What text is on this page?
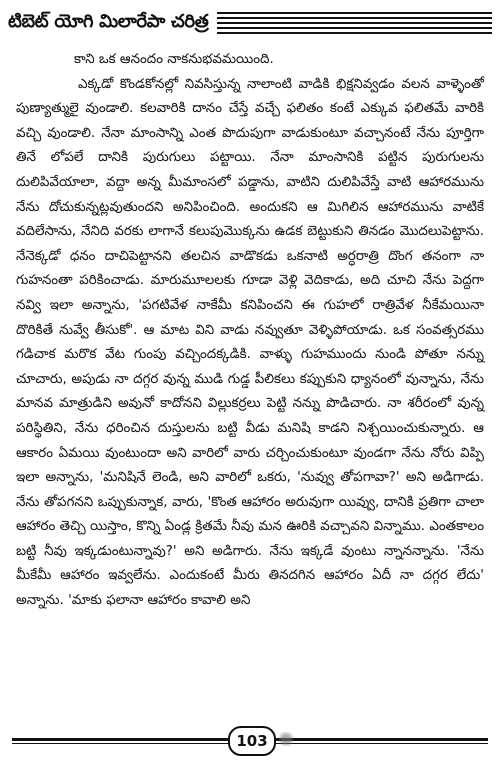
టిబెట్ యోగి మిలారేపా చరిత్ర

కాని ఒక ఆనందం నాకనుభవమయింది.

ఎక్కడో కొండకోనల్లో నివసిస్తున్న నాలాంటి వాడికి భిక్షనివ్వడం వలన వాళ్ళెంతో పుణ్యాత్ములై వుండాలి. కలవారికి దానం చేస్తే వచ్చే ఫలితం కంటే ఎక్కువ ఫలితమే వారికి వచ్చి వుండాలి. నేనా మాంసాన్ని ఎంత పొదుపుగా వాడుకుంటూ వచ్చానంటే నేను పూర్తిగా తినే లోపలే దానికి పురుగులు పట్టాయి. నేనా మాంసానికి పట్టిన పురుగులను దులిపివేయాలా, వద్దా అన్న మీమాంసలో పడ్డాను, వాటిని దులిపివేస్తే వాటి ఆహారమును నేను దోచుకున్నట్లవుతుందని అనిపించింది. అందుకని ఆ మిగిలిన ఆహారమును వాటికే వదిలేసాను, నేనిది వరకు లాగానే కలుపుమొక్కను ఉడక బెట్టుకుని తినడం మొదలుపెట్టాను. నేనెక్కడో ధనం దాచిపెట్టానని తలచిన వాడొకడు ఒకనాటి అర్ధరాత్రి దొంగ తనంగా నా గుహనంతా పరికించాడు. మారుమూలలకు గూడా వెళ్లి వెదికాడు, అది చూచి నేను పెద్దగా నవ్వి ఇలా అన్నాను, 'పగటివేళ నాకేమీ కనిపించని ఈ గుహలో రాత్రివేళ నీకేమయినా దొరికితే నువ్వే తీసుకో'. ఆ మాట విని వాడు నవ్వుతూ వెళ్ళిపోయాడు. ఒక సంవత్సరము గడిచాక మరొక వేట గుంపు వచ్చిందక్కడికి. వాళ్ళు గుహముందు నుండి పోతూ నన్ను చూచారు, అపుడు నా దగ్గర వున్న ముడి గుడ్డ పీలికలు కప్పుకుని ధ్యానంలో వున్నాను, నేను మానవ మాత్రుడిని అవునో కాదోనని విల్లుకర్రలు పెట్టి నన్ను పొడిచారు. నా శరీరంలో వున్న పరిస్థితిని, నేను ధరించిన దుస్తులను బట్టి వీడు మనిషి కాడని నిశ్చయించుకున్నారు. ఆ ఆకారం ఏమయి వుంటుందా అని వారిలో వారు చర్చించుకుంటూ వుండగా నేను నోరు విప్పి ఇలా అన్నాను, 'మనిషినే లెండి, అని వారిలో ఒకరు, 'నువ్వు తోపగావా?' అని అడిగాడు. నేను తోపగనని ఒప్పుకున్నాక, వారు, 'కొంత ఆహారం అరువుగా యివ్వు, దానికి ప్రతిగా చాలా ఆహారం తెచ్చి యిస్తాం, కొన్ని ఏండ్ల క్రితమే నీవు మన ఊరికి వచ్చావని విన్నాము. ఎంతకాలం బట్టి నీవు ఇక్కడుంటున్నావు?' అని అడిగారు. నేను ఇక్కడే వుంటు న్నానన్నాను. 'నేను మీకేమీ ఆహారం ఇవ్వలేను. ఎందుకంటే మీరు తినదగిన ఆహారం ఏదీ నా దగ్గర లేదు' అన్నాను. 'మాకు ఫలానా ఆహారం కావాలి అని

103
